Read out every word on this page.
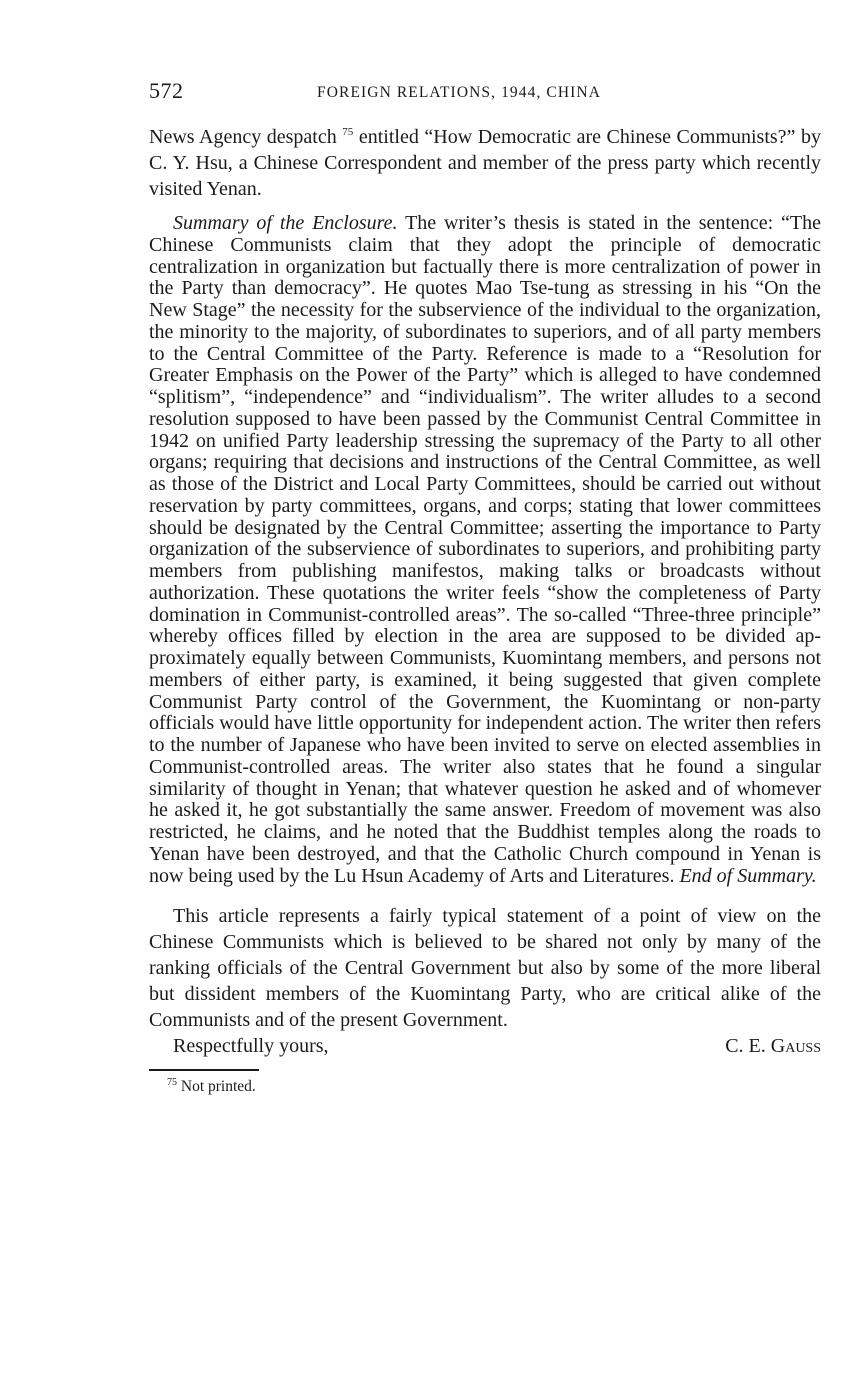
572	FOREIGN RELATIONS, 1944, CHINA

News Agency despatch $^{75}$ entitled “How Democratic are Chinese Communists?” by C. Y. Hsu, a Chinese Correspondent and member of the press party which recently visited Yenan.

Summary of the Enclosure. The writer’s thesis is stated in the sentence: “The Chinese Communists claim that they adopt the principle of democratic centralization in organization but factually there is more centralization of power in the Party than democracy”. He quotes Mao Tse-tung as stressing in his “On the New Stage” the necessity for the subservience of the individual to the organization, the minority to the majority, of subordinates to superiors, and of all party members to the Central Committee of the Party. Reference is made to a “Resolution for Greater Emphasis on the Power of the Party” which is alleged to have condemned “splitism”, “independence” and “individualism”. The writer alludes to a second resolution supposed to have been passed by the Communist Central Committee in 1942 on unified Party leadership stressing the supremacy of the Party to all other organs; requiring that decisions and instructions of the Central Committee, as well as those of the District and Local Party Committees, should be carried out without reservation by party committees, organs, and corps; stating that lower committees should be designated by the Central Committee; asserting the importance to Party organization of the subservience of subordinates to superiors, and prohibiting party members from publishing manifestos, making talks or broadcasts without authorization. These quotations the writer feels “show the completeness of Party domination in Communist-controlled areas”. The so-called “Three-three principle” whereby offices filled by election in the area are supposed to be divided approximately equally between Communists, Kuomintang members, and persons not members of either party, is examined, it being suggested that given complete Communist Party control of the Government, the Kuomintang or non-party officials would have little opportunity for independent action. The writer then refers to the number of Japanese who have been invited to serve on elected assemblies in Communist-controlled areas. The writer also states that he found a singular similarity of thought in Yenan; that whatever question he asked and of whomever he asked it, he got substantially the same answer. Freedom of movement was also restricted, he claims, and he noted that the Buddhist temples along the roads to Yenan have been destroyed, and that the Catholic Church compound in Yenan is now being used by the Lu Hsun Academy of Arts and Literatures. End of Summary.

This article represents a fairly typical statement of a point of view on the Chinese Communists which is believed to be shared not only by many of the ranking officials of the Central Government but also by some of the more liberal but dissident members of the Kuomintang Party, who are critical alike of the Communists and of the present Government.

Respectfully yours,	C. E. Gauss
$^{75}$ Not printed.
